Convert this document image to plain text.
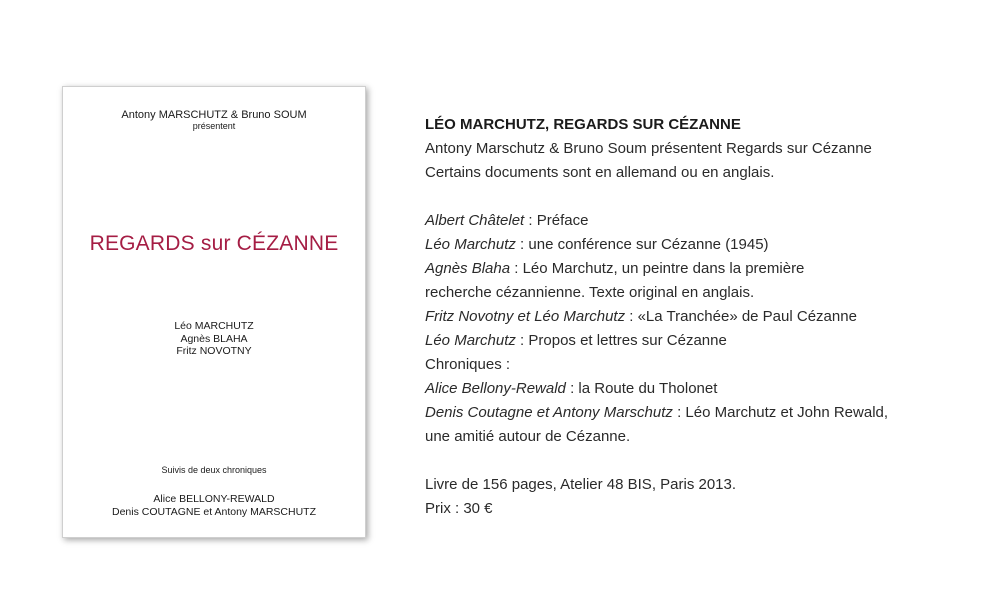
Antony MARSCHUTZ & Bruno SOUM
présentent
REGARDS sur CÉZANNE
Léo MARCHUTZ
Agnès BLAHA
Fritz NOVOTNY
Suivis de deux chroniques
Alice BELLONY-REWALD
Denis COUTAGNE et Antony MARSCHUTZ
LÉO MARCHUTZ, REGARDS SUR CÉZANNE
Antony Marschutz & Bruno Soum présentent Regards sur Cézanne
Certains documents sont en allemand ou en anglais.
Albert Châtelet : Préface
Léo Marchutz : une conférence sur Cézanne (1945)
Agnès Blaha : Léo Marchutz, un peintre dans la première
recherche cézannienne. Texte original en anglais.
Fritz Novotny et Léo Marchutz : «La Tranchée» de Paul Cézanne
Léo Marchutz : Propos et lettres sur Cézanne
Chroniques :
Alice Bellony-Rewald : la Route du Tholonet
Denis Coutagne et Antony Marschutz : Léo Marchutz et John Rewald,
une amitié autour de Cézanne.
Livre de 156 pages, Atelier 48 BIS, Paris 2013.
Prix : 30 €
